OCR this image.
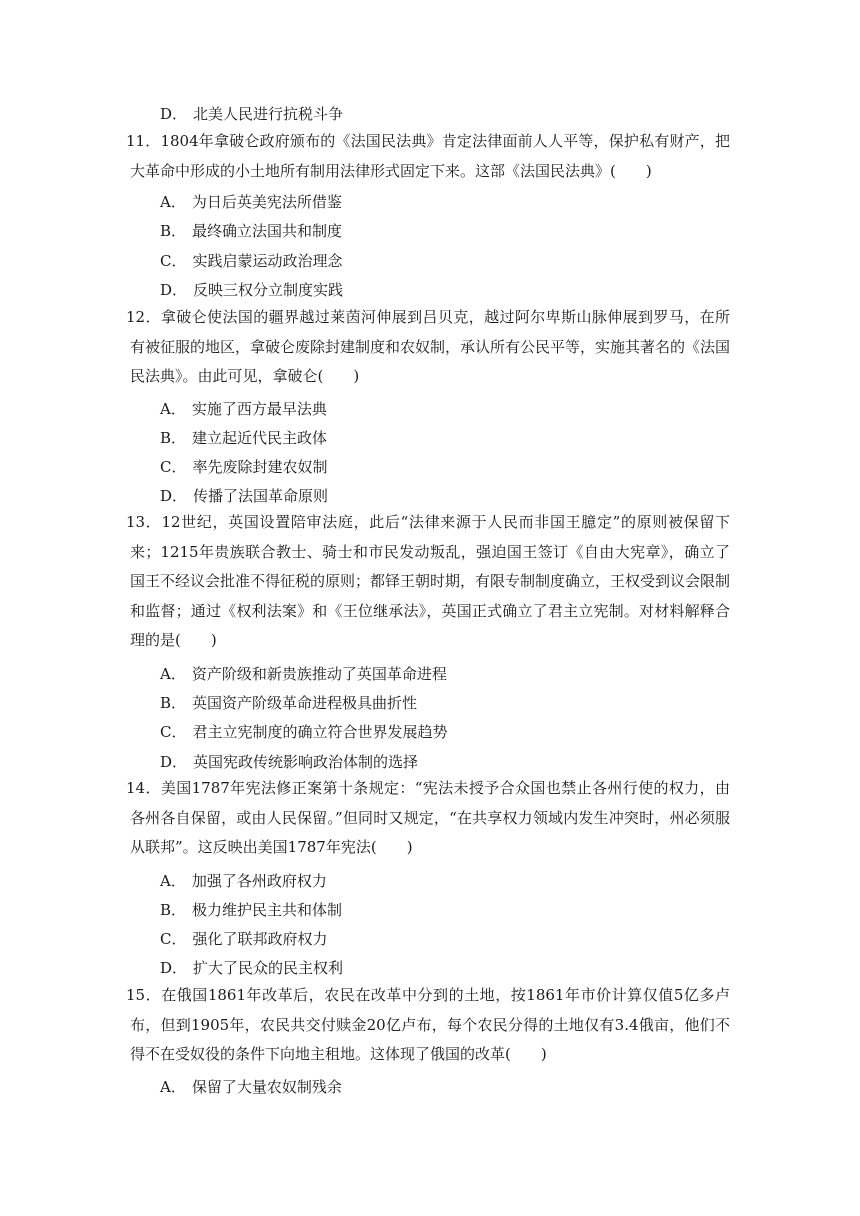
D． 北美人民进行抗税斗争

11．1804年拿破仑政府颁布的《法国民法典》肯定法律面前人人平等，保护私有财产，把大革命中形成的小土地所有制用法律形式固定下来。这部《法国民法典》(　　)

A． 为日后英美宪法所借鉴

B． 最终确立法国共和制度

C． 实践启蒙运动政治理念

D． 反映三权分立制度实践

12．拿破仑使法国的疆界越过莱茵河伸展到吕贝克，越过阿尔卑斯山脉伸展到罗马，在所有被征服的地区，拿破仑废除封建制度和农奴制，承认所有公民平等，实施其著名的《法国民法典》。由此可见，拿破仑(　　)

A． 实施了西方最早法典

B． 建立起近代民主政体

C． 率先废除封建农奴制

D． 传播了法国革命原则

13．12世纪，英国设置陪审法庭，此后“法律来源于人民而非国王臆定”的原则被保留下来；1215年贵族联合教士、骑士和市民发动叛乱，强迫国王签订《自由大宪章》，确立了国王不经议会批准不得征税的原则；都铎王朝时期，有限专制制度确立，王权受到议会限制和监督；通过《权利法案》和《王位继承法》，英国正式确立了君主立宪制。对材料解释合理的是(　　)

A． 资产阶级和新贵族推动了英国革命进程

B． 英国资产阶级革命进程极具曲折性

C． 君主立宪制度的确立符合世界发展趋势

D． 英国宪政传统影响政治体制的选择

14．美国1787年宪法修正案第十条规定：“宪法未授予合众国也禁止各州行使的权力，由各州各自保留，或由人民保留。”但同时又规定，“在共享权力领域内发生冲突时，州必须服从联邦”。这反映出美国1787年宪法(　　)

A． 加强了各州政府权力

B． 极力维护民主共和体制

C． 强化了联邦政府权力

D． 扩大了民众的民主权利

15．在俄国1861年改革后，农民在改革中分到的土地，按1861年市价计算仅值5亿多卢布，但到1905年，农民共交付赎金20亿卢布，每个农民分得的土地仅有3.4俄亩，他们不得不在受奴役的条件下向地主租地。这体现了俄国的改革(　　)

A． 保留了大量农奴制残余
